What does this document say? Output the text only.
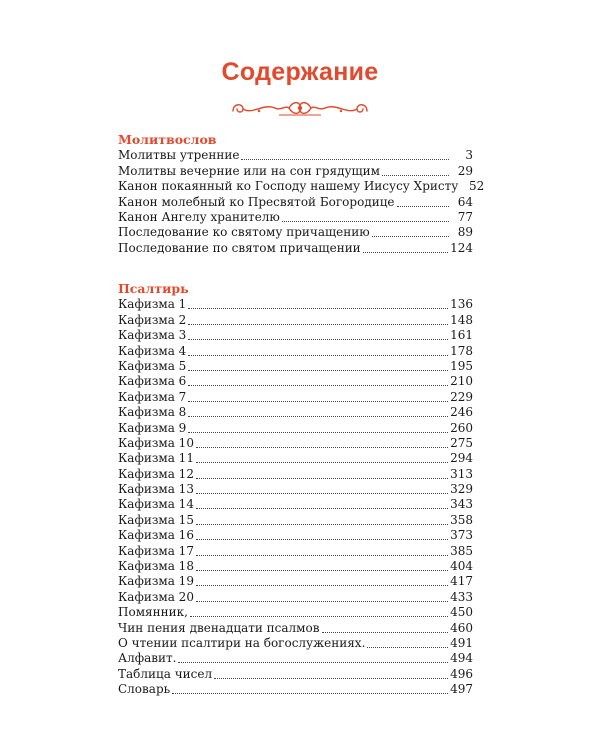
Содержание
Молитвослов
Молитвы утренние	3
Молитвы вечерние или на сон грядущим	29
Канон покаянный ко Господу нашему Иисусу Христу 52
Канон молебный ко Пресвятой Богородице	64
Канон Ангелу хранителю	77
Последование ко святому причащению	89
Последование по святом причащении	124
Псалтирь
Кафизма 1	136
Кафизма 2	148
Кафизма 3	161
Кафизма 4	178
Кафизма 5	195
Кафизма 6	210
Кафизма 7	229
Кафизма 8	246
Кафизма 9	260
Кафизма 10	275
Кафизма 11	294
Кафизма 12	313
Кафизма 13	329
Кафизма 14	343
Кафизма 15	358
Кафизма 16	373
Кафизма 17	385
Кафизма 18	404
Кафизма 19	417
Кафизма 20	433
Помянник,	450
Чин пения двенадцати псалмов	460
О чтении псалтири на богослужениях.	491
Алфавит.	494
Таблица чисел	496
Словарь	497
